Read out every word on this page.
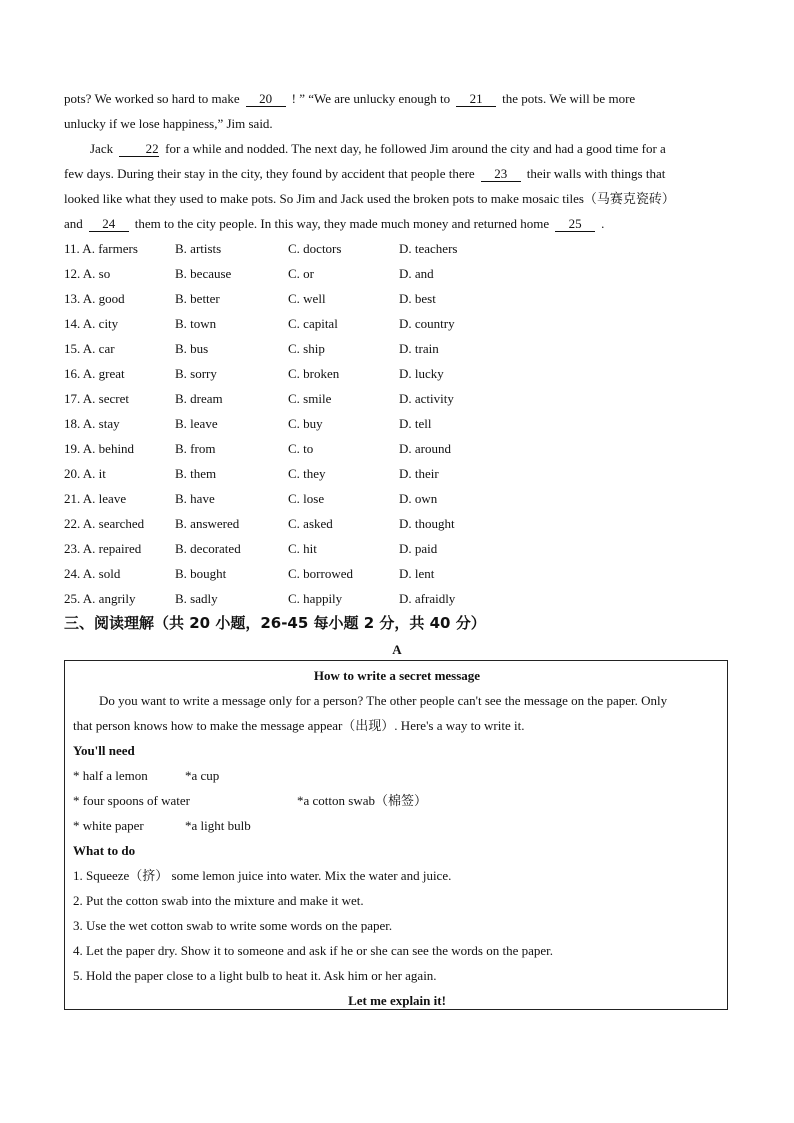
pots? We worked so hard to make 20 ! ” “We are unlucky enough to 21 the pots. We will be more
unlucky if we lose happiness,” Jim said.
Jack	22 for a while and nodded. The next day, he followed Jim around the city and had a good time for a
few days. During their stay in the city, they found by accident that people there 23 their walls with things that
looked like what they used to make pots. So Jim and Jack used the broken pots to make mosaic tiles（马赛克瓷砖）
and 24 them to the city people. In this way, they made much money and returned home 25 .
11. A. farmers	B. artists	C. doctors	D. teachers
12. A. so	B. because	C. or	D. and
13. A. good	B. better	C. well	D. best
14. A. city	B. town	C. capital	D. country
15. A. car	B. bus	C. ship	D. train
16. A. great	B. sorry	C. broken	D. lucky
17. A. secret	B. dream	C. smile	D. activity
18. A. stay	B. leave	C. buy	D. tell
19. A. behind	B. from	C. to	D. around
20. A. it	B. them	C. they	D. their
21. A. leave	B. have	C. lose	D. own
22. A. searched B. answered	C. asked	D. thought
23. A. repaired	B. decorated	C. hit	D. paid
24. A. sold	B. bought	C. borrowed	D. lent
25. A. angrily	B. sadly	C. happily	D. afraidly
三、阅读理解（共 20 小题，26-45 每小题 2 分，共 40 分）
A
How to write a secret message
Do you want to write a message only for a person? The other people can't see the message on the paper. Only
that person knows how to make the message appear（出现）. Here's a way to write it.
You'll need
* half a lemon	*a cup
* four spoons of water	*a cotton swab（棉签）
* white paper	*a light bulb
What to do
1. Squeeze（挤） some lemon juice into water. Mix the water and juice.
2. Put the cotton swab into the mixture and make it wet.
3. Use the wet cotton swab to write some words on the paper.
4. Let the paper dry. Show it to someone and ask if he or she can see the words on the paper.
5. Hold the paper close to a light bulb to heat it. Ask him or her again.
Let me explain it!
